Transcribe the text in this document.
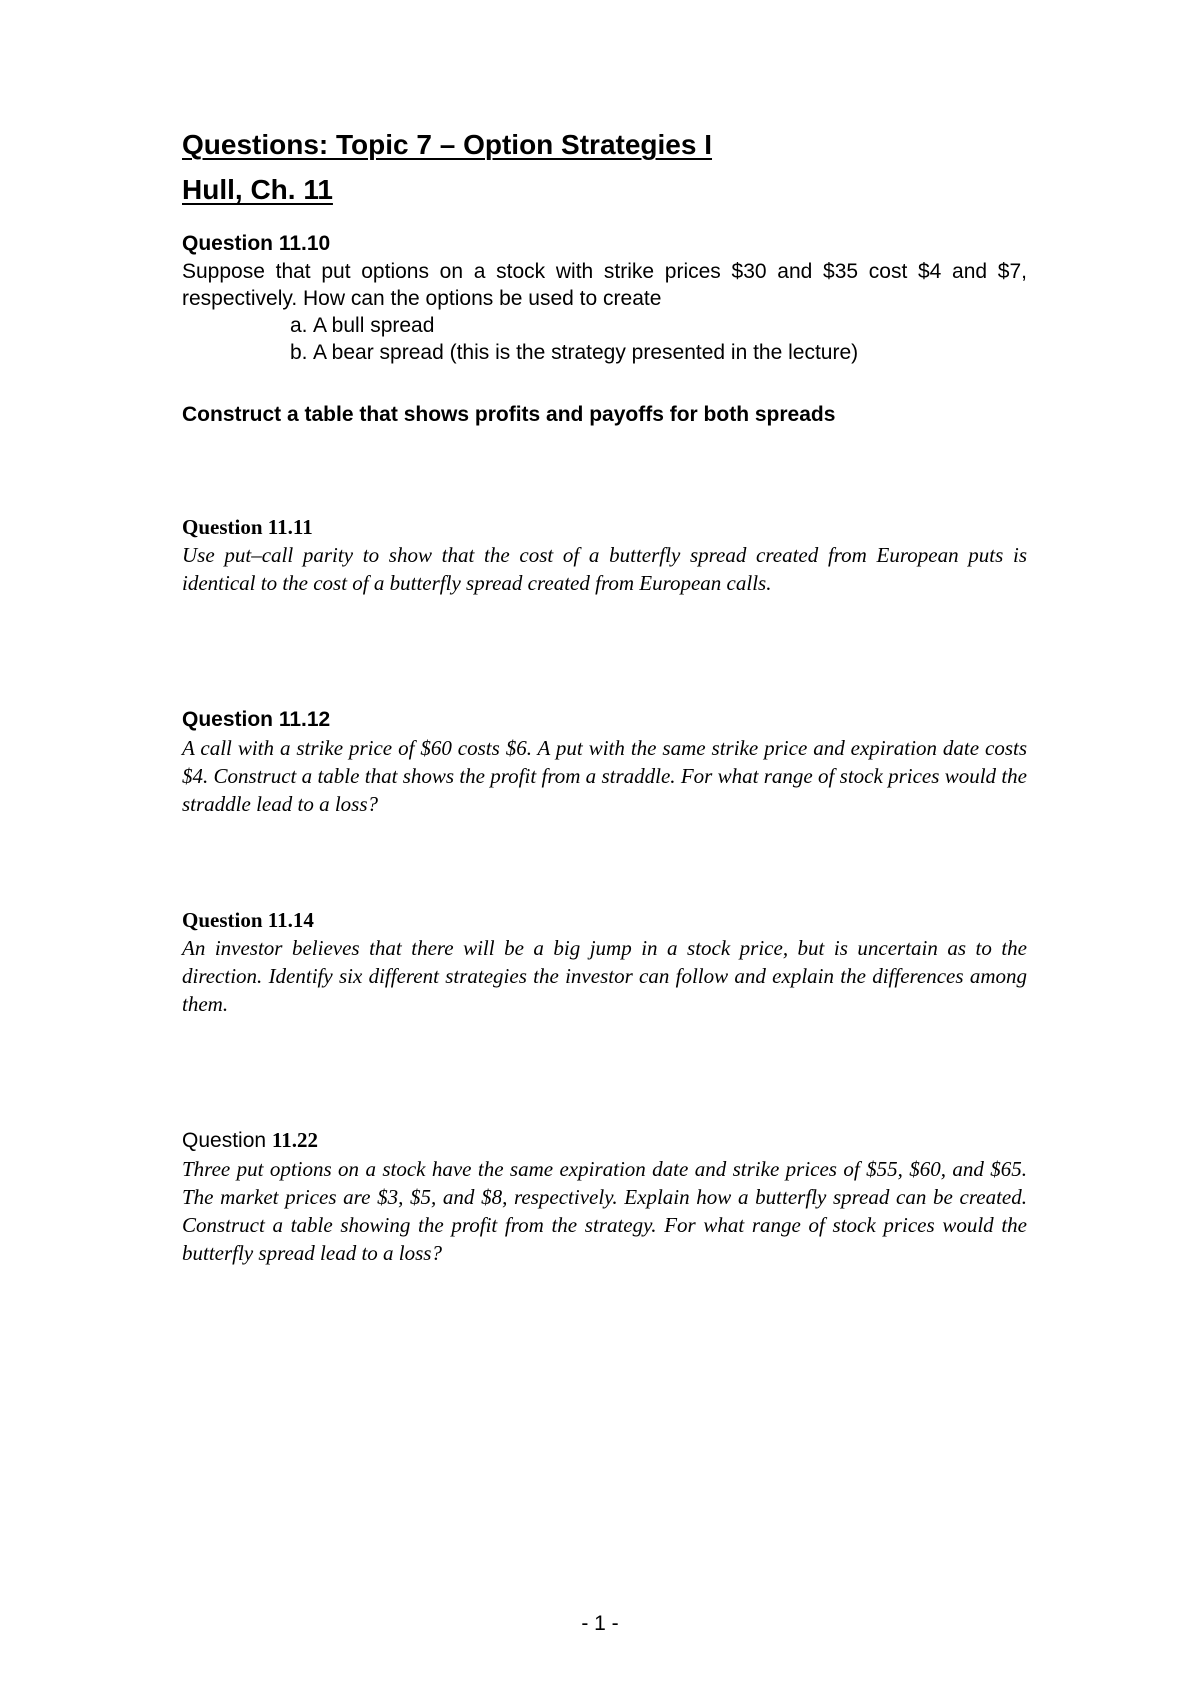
Questions: Topic 7 – Option Strategies I
Hull, Ch. 11
Question 11.10
Suppose that put options on a stock with strike prices $30 and $35 cost $4 and $7, respectively. How can the options be used to create
a. A bull spread
b. A bear spread (this is the strategy presented in the lecture)
Construct a table that shows profits and payoffs for both spreads
Question 11.11
Use put–call parity to show that the cost of a butterfly spread created from European puts is identical to the cost of a butterfly spread created from European calls.
Question 11.12
A call with a strike price of $60 costs $6. A put with the same strike price and expiration date costs $4. Construct a table that shows the profit from a straddle. For what range of stock prices would the straddle lead to a loss?
Question 11.14
An investor believes that there will be a big jump in a stock price, but is uncertain as to the direction. Identify six different strategies the investor can follow and explain the differences among them.
Question 11.22
Three put options on a stock have the same expiration date and strike prices of $55, $60, and $65. The market prices are $3, $5, and $8, respectively. Explain how a butterfly spread can be created. Construct a table showing the profit from the strategy. For what range of stock prices would the butterfly spread lead to a loss?
- 1 -
